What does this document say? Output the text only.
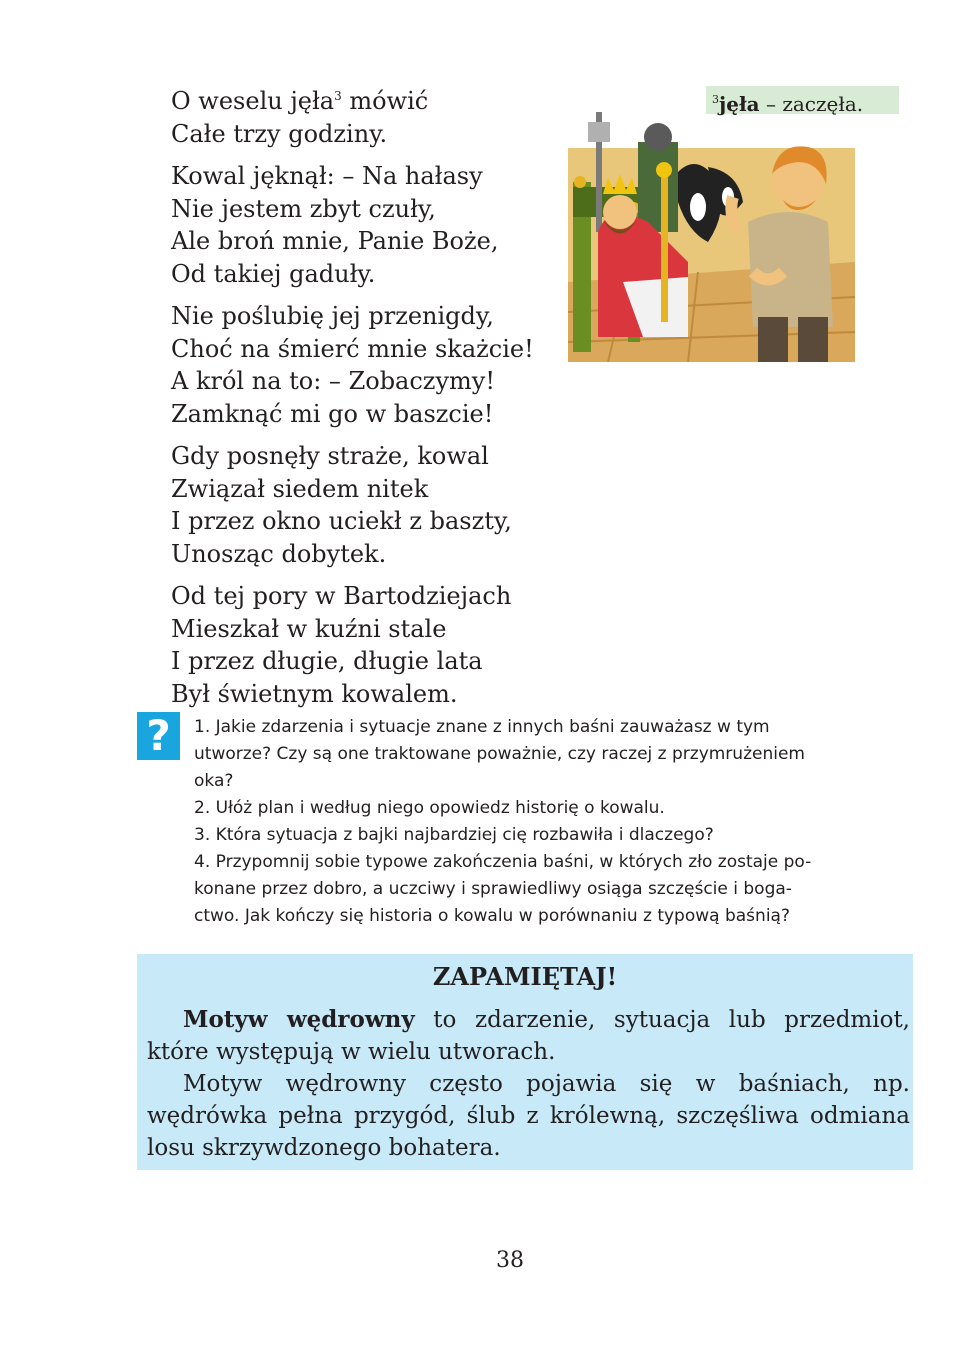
O weselu jęła$^3$ mówić
Całe trzy godziny.
Kowal jęknął: – Na hałasy
Nie jestem zbyt czuły,
Ale broń mnie, Panie Boże,
Od takiej gaduły.
Nie poślubię jej przenigdy,
Choć na śmierć mnie skażcie!
A król na to: – Zobaczymy!
Zamknąć mi go w baszcie!
Gdy posnęły straże, kowal
Związał siedem nitek
I przez okno uciekł z baszty,
Unosząc dobytek.
Od tej pory w Bartodziejach
Mieszkał w kuźni stale
I przez długie, długie lata
Był świetnym kowalem.
$^3$jęła – zaczęła.
? 1. Jakie zdarzenia i sytuacje znane z innych baśni zauważasz w tym
utworze? Czy są one traktowane poważnie, czy raczej z przymrużeniem
oka?
2. Ułóż plan i według niego opowiedz historię o kowalu.
3. Która sytuacja z bajki najbardziej cię rozbawiła i dlaczego?
4. Przypomnij sobie typowe zakończenia baśni, w których zło zostaje po-
konane przez dobro, a uczciwy i sprawiedliwy osiąga szczęście i boga-
ctwo. Jak kończy się historia o kowalu w porównaniu z typową baśnią?
ZAPAMIĘTAJ!
Motyw wędrowny to zdarzenie, sytuacja lub przedmiot,
które występują w wielu utworach.
Motyw wędrowny często pojawia się w baśniach, np.
wędrówka pełna przygód, ślub z królewną, szczęśliwa odmiana
losu skrzywdzonego bohatera.
38
